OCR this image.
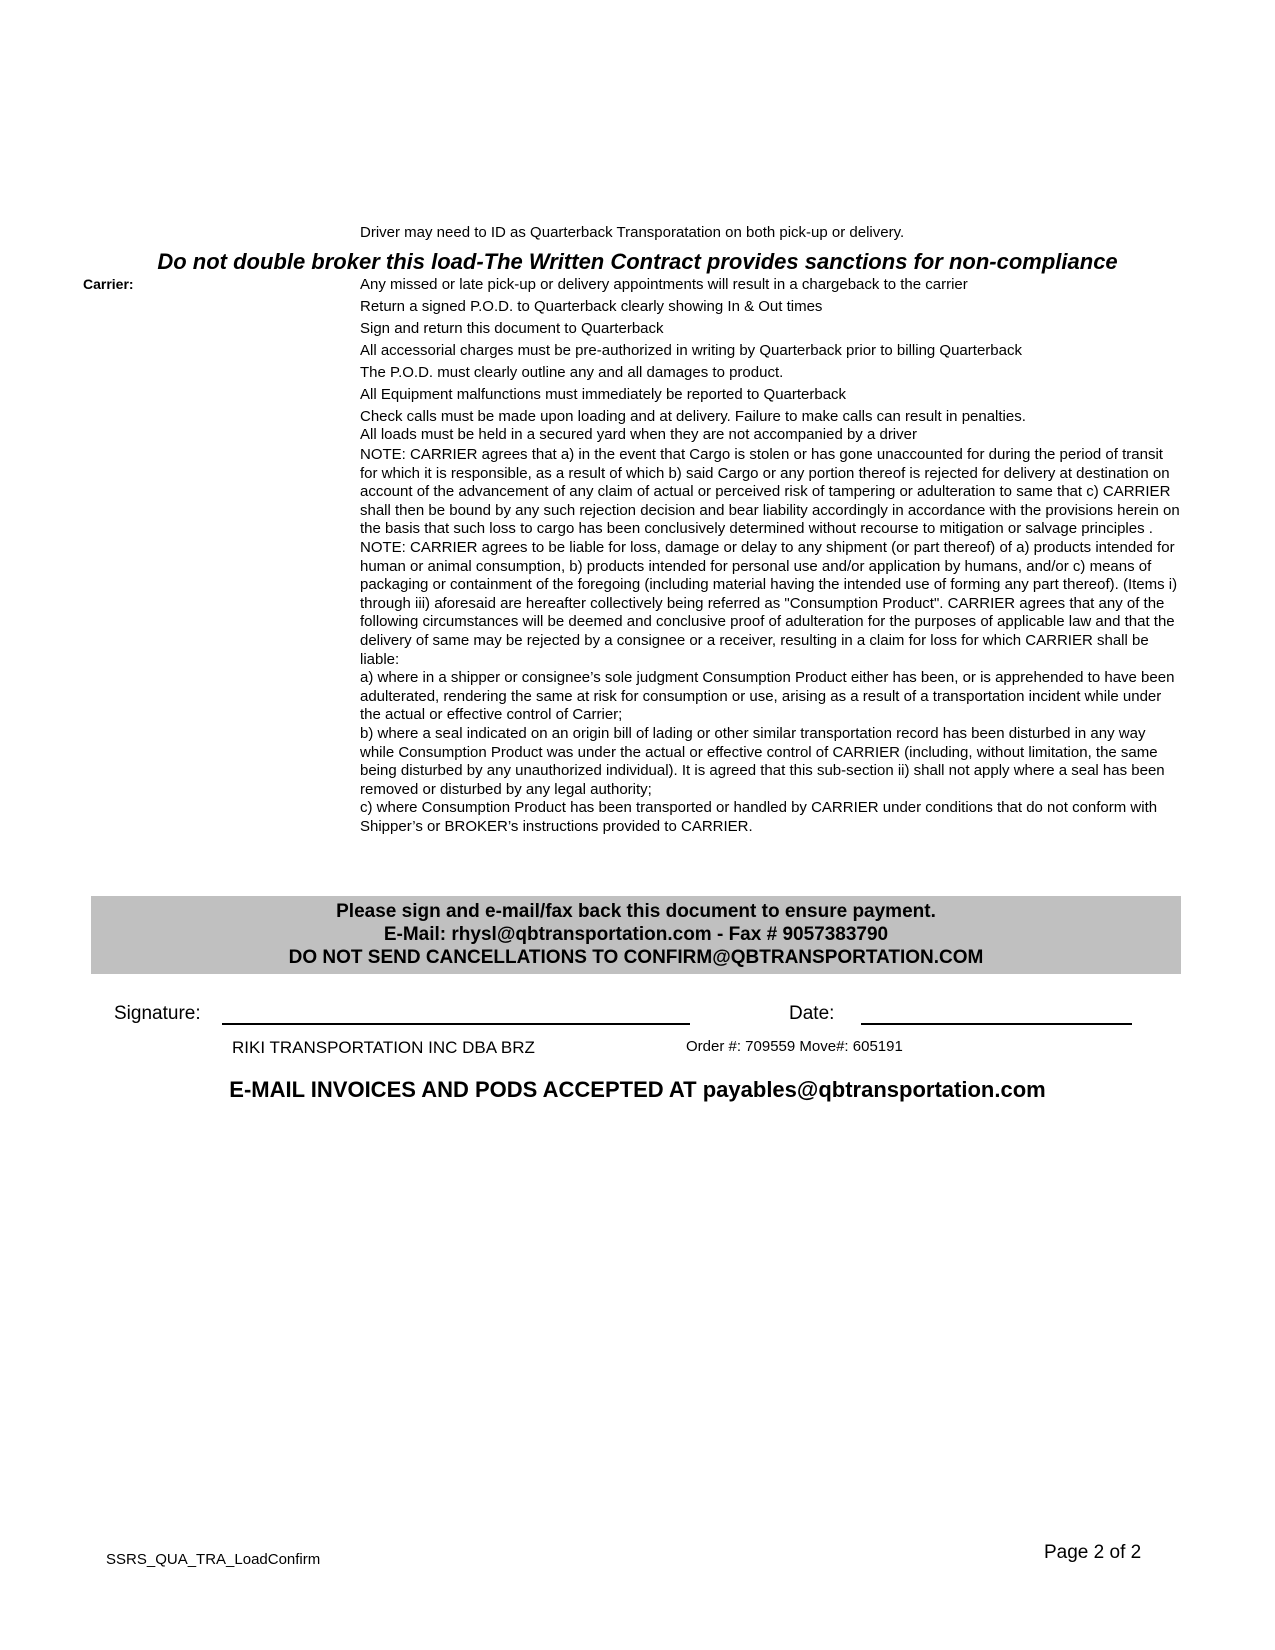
Driver may need to ID as Quarterback Transporatation on both pick-up or delivery.
Do not double broker this load-The Written Contract provides sanctions for non-compliance
Carrier:	Any missed or late pick-up or delivery appointments will result in a chargeback to the carrier
Return a signed P.O.D. to Quarterback clearly showing In & Out times
Sign and return this document to Quarterback
All accessorial charges must be pre-authorized in writing by Quarterback prior to billing Quarterback
The P.O.D. must clearly outline any and all damages to product.
All Equipment malfunctions must immediately be reported to Quarterback
Check calls must be made upon loading and at delivery. Failure to make calls can result in penalties.
All loads must be held in a secured yard when they are not accompanied by a driver

NOTE: CARRIER agrees that a) in the event that Cargo is stolen or has gone unaccounted for during the period of transit for which it is responsible, as a result of which b) said Cargo or any portion thereof is rejected for delivery at destination on account of the advancement of any claim of actual or perceived risk of tampering or adulteration to same that c) CARRIER shall then be bound by any such rejection decision and bear liability accordingly in accordance with the provisions herein on the basis that such loss to cargo has been conclusively determined without recourse to mitigation or salvage principles .

NOTE: CARRIER agrees to be liable for loss, damage or delay to any shipment (or part thereof) of a) products intended for human or animal consumption, b) products intended for personal use and/or application by humans, and/or c) means of packaging or containment of the foregoing (including material having the intended use of forming any part thereof). (Items i) through iii) aforesaid are hereafter collectively being referred as "Consumption Product". CARRIER agrees that any of the following circumstances will be deemed and conclusive proof of adulteration for the purposes of applicable law and that the delivery of same may be rejected by a consignee or a receiver, resulting in a claim for loss for which CARRIER shall be liable:

a) where in a shipper or consignee’s sole judgment Consumption Product either has been, or is apprehended to have been adulterated, rendering the same at risk for consumption or use, arising as a result of a transportation incident while under the actual or effective control of Carrier;

b) where a seal indicated on an origin bill of lading or other similar transportation record has been disturbed in any way while Consumption Product was under the actual or effective control of CARRIER (including, without limitation, the same being disturbed by any unauthorized individual). It is agreed that this sub-section ii) shall not apply where a seal has been removed or disturbed by any legal authority;

c) where Consumption Product has been transported or handled by CARRIER under conditions that do not conform with Shipper’s or BROKER’s instructions provided to CARRIER.

Please sign and e-mail/fax back this document to ensure payment.
E-Mail: rhysl@qbtransportation.com - Fax # 9057383790
DO NOT SEND CANCELLATIONS TO CONFIRM@QBTRANSPORTATION.COM
Signature:	Date:
RIKI TRANSPORTATION INC DBA BRZ	Order #: 709559 Move#: 605191
E-MAIL INVOICES AND PODS ACCEPTED AT payables@qbtransportation.com
SSRS_QUA_TRA_LoadConfirm	Page 2 of 2
